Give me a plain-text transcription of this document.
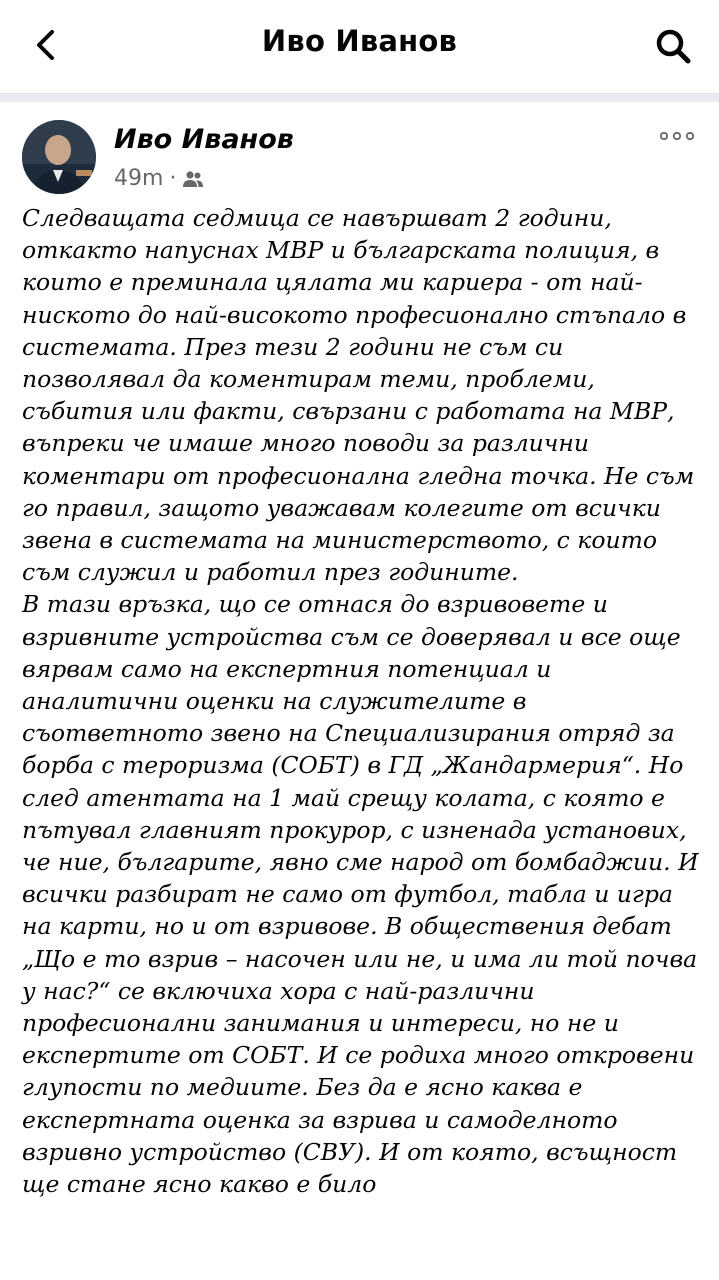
Иво Иванов
Иво Иванов
49m ·

Следващата седмица се навършват 2 години, откакто напуснах МВР и българската полиция, в които е преминала цялата ми кариера - от най-ниското до най-високото професионално стъпало в системата. През тези 2 години не съм си позволявал да коментирам теми, проблеми, събития или факти, свързани с работата на МВР, въпреки че имаше много поводи за различни коментари от професионална гледна точка. Не съм го правил, защото уважавам колегите от всички звена в системата на министерството, с които съм служил и работил през годините.

В тази връзка, що се отнася до взривовете и взривните устройства съм се доверявал и все още вярвам само на експертния потенциал и аналитични оценки на служителите в съответното звено на Специализирания отряд за борба с тероризма (СОБТ) в ГД „Жандармерия“. Но след атентата на 1 май срещу колата, с която е пътувал главният прокурор, с изненада установих, че ние, българите, явно сме народ от бомбаджии. И всички разбират не само от футбол, табла и игра на карти, но и от взривове. В обществения дебат „Що е то взрив – насочен или не, и има ли той почва у нас?“ се включиха хора с най-различни професионални занимания и интереси, но не и експертите от СОБТ. И се родиха много откровени глупости по медиите. Без да е ясно каква е експертната оценка за взрива и самоделното взривно устройство (СВУ). И от която, всъщност ще стане ясно какво е било
